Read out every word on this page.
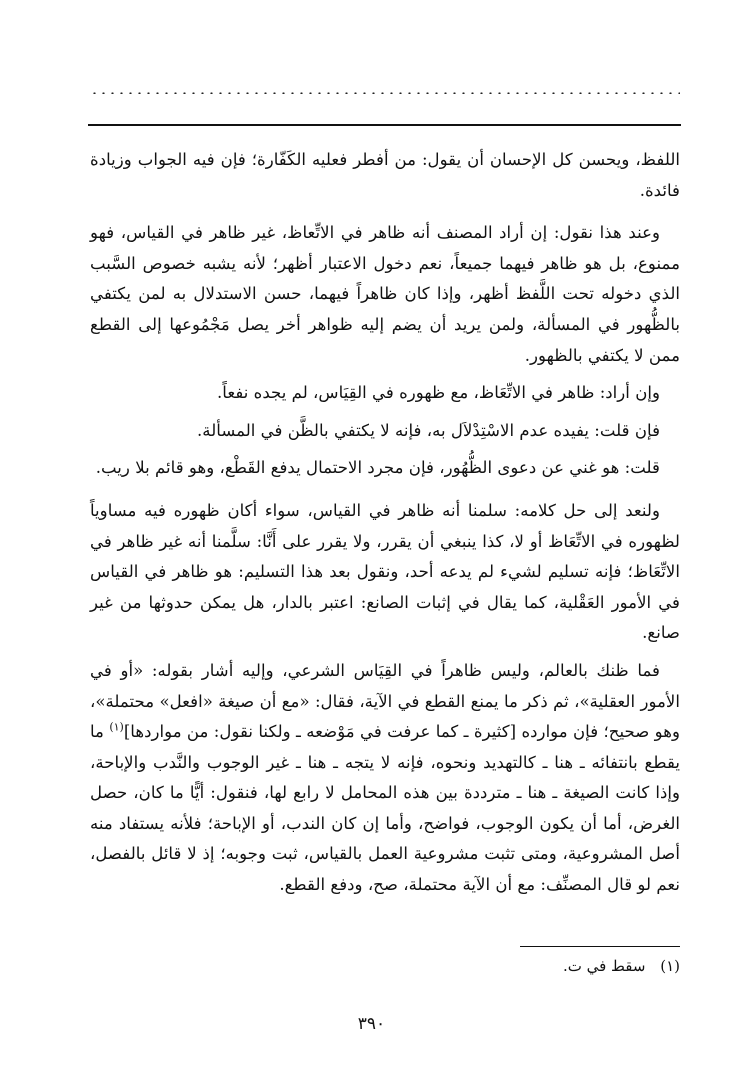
اللفظ، ويحسن كل الإحسان أن يقول: من أفطر فعليه الكَفّارة؛ فإن فيه الجواب وزيادة فائدة.

وعند هذا نقول: إن أراد المصنف أنه ظاهر في الاتِّعاظ، غير ظاهر في القياس، فهو ممنوع، بل هو ظاهر فيهما جميعاً، نعم دخول الاعتبار أظهر؛ لأنه يشبه خصوص السَّبب الذي دخوله تحت اللَّفظ أظهر، وإذا كان ظاهراً فيهما، حسن الاستدلال به لمن يكتفي بالظُّهور في المسألة، ولمن يريد أن يضم إليه ظواهر أخر يصل مَجْمُوعها إلى القطع ممن لا يكتفي بالظهور.

وإن أراد: ظاهر في الاتِّعَاظ، مع ظهوره في القِيَاس، لم يجده نفعاً.

فإن قلت: يفيده عدم الاسْتِدْلاَل به، فإنه لا يكتفي بالظَّن في المسألة.

قلت: هو غني عن دعوى الظُّهُور، فإن مجرد الاحتمال يدفع القَطْع، وهو قائم بلا ريب.

ولنعد إلى حل كلامه: سلمنا أنه ظاهر في القياس، سواء أكان ظهوره فيه مساوياً لظهوره في الاتِّعَاظ أو لا، كذا ينبغي أن يقرر، ولا يقرر على أَنَّا: سلَّمنا أنه غير ظاهر في الاتِّعَاظ؛ فإنه تسليم لشيء لم يدعه أحد، ونقول بعد هذا التسليم: هو ظاهر في القياس في الأمور العَقْلية، كما يقال في إثبات الصانع: اعتبر بالدار، هل يمكن حدوثها من غير صانع.

فما ظنك بالعالم، وليس ظاهراً في القِيَاس الشرعي، وإليه أشار بقوله: «أو في الأمور العقلية»، ثم ذكر ما يمنع القطع في الآية، فقال: «مع أن صيغة «افعل» محتملة»، وهو صحيح؛ فإن موارده [كثيرة ـ كما عرفت في مَوْضعه ـ ولكنا نقول: من مواردها]$^{(١)}$ ما يقطع بانتفائه ـ هنا ـ كالتهديد ونحوه، فإنه لا يتجه ـ هنا ـ غير الوجوب والنَّدب والإباحة، وإذا كانت الصيغة ـ هنا ـ مترددة بين هذه المحامل لا رابع لها، فنقول: أيًّا ما كان، حصل الغرض، أما أن يكون الوجوب، فواضح، وأما إن كان الندب، أو الإباحة؛ فلأنه يستفاد منه أصل المشروعية، ومتى تثبت مشروعية العمل بالقياس، ثبت وجوبه؛ إذ لا قائل بالفصل، نعم لو قال المصنِّف: مع أن الآية محتملة، صح، ودفع القطع.

(١) سقط في ت.
٣٩٠
